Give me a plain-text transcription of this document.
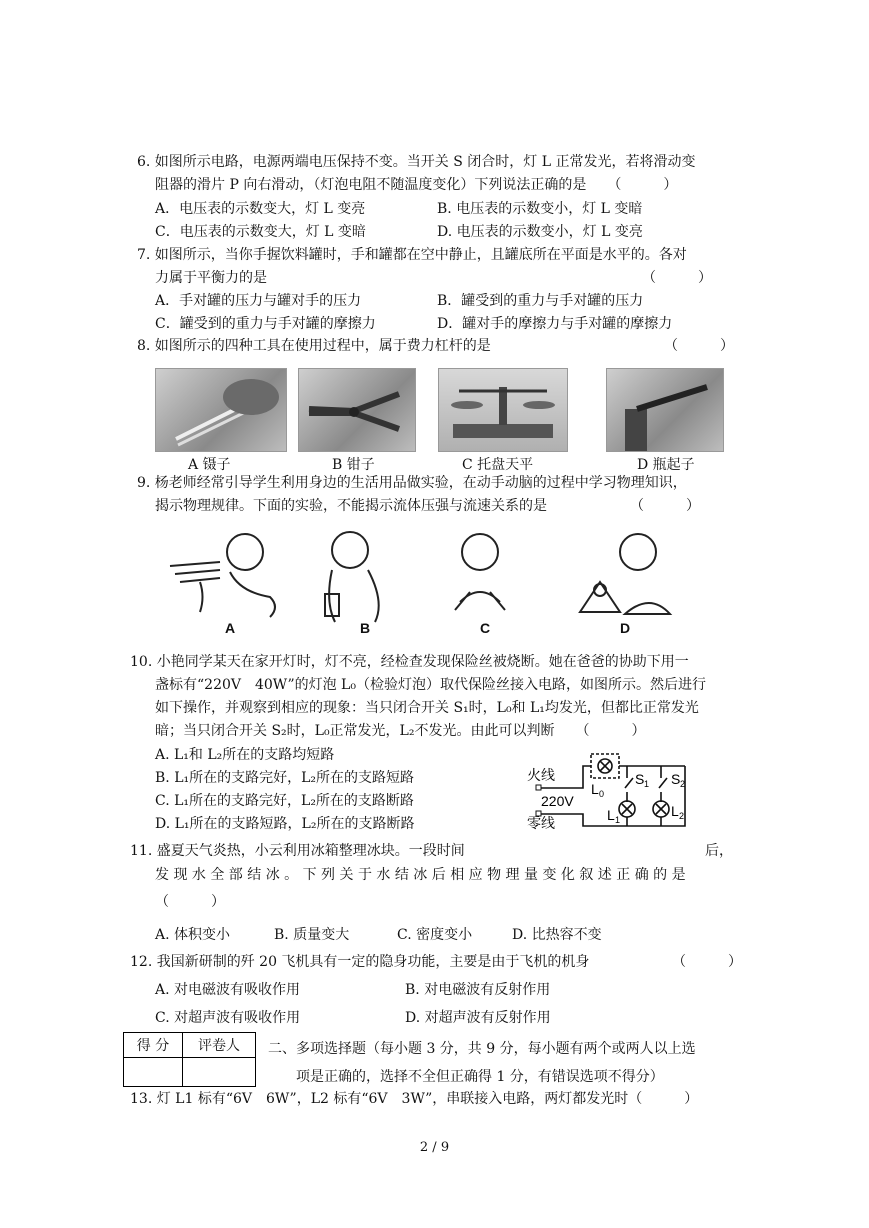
6. 如图所示电路，电源两端电压保持不变。当开关 S 闭合时，灯 L 正常发光，若将滑动变
阻器的滑片 P 向右滑动，（灯泡电阻不随温度变化）下列说法正确的是　　（　　　）
A．电压表的示数变大，灯 L 变亮	B. 电压表的示数变小，灯 L 变暗
C．电压表的示数变大，灯 L 变暗	D. 电压表的示数变小，灯 L 变亮
7. 如图所示，当你手握饮料罐时，手和罐都在空中静止，且罐底所在平面是水平的。各对
力属于平衡力的是	（　　　）
A．手对罐的压力与罐对手的压力	B．罐受到的重力与手对罐的压力
C．罐受到的重力与手对罐的摩擦力	D．罐对手的摩擦力与手对罐的摩擦力
8. 如图所示的四种工具在使用过程中，属于费力杠杆的是	（　　　）
A 镊子	B 钳子	C 托盘天平	D 瓶起子
9. 杨老师经常引导学生利用身边的生活用品做实验，在动手动脑的过程中学习物理知识，
揭示物理规律。下面的实验，不能揭示流体压强与流速关系的是	（　　　）
A	B	C	D
10. 小艳同学某天在家开灯时，灯不亮，经检查发现保险丝被烧断。她在爸爸的协助下用一
盏标有“220V　40W”的灯泡 L₀（检验灯泡）取代保险丝接入电路，如图所示。然后进行
如下操作，并观察到相应的现象：当只闭合开关 S₁时，L₀和 L₁均发光，但都比正常发光
暗；当只闭合开关 S₂时，L₀正常发光，L₂不发光。由此可以判断　　（　　　）
A. L₁和 L₂所在的支路均短路
B. L₁所在的支路完好，L₂所在的支路短路
C. L₁所在的支路完好，L₂所在的支路断路
D. L₁所在的支路短路，L₂所在的支路断路
火线
零线
220V
L 0
S 1 S 2
L 1
L 2
11. 盛夏天气炎热，小云利用冰箱整理冰块。一段时间	后，
发 现 水 全 部 结 冰 。 下 列 关 于 水 结 冰 后 相 应 物 理 量 变 化 叙 述 正 确 的 是
（　　　）
A. 体积变小	B. 质量变大	C. 密度变小	D. 比热容不变
12. 我国新研制的歼 20 飞机具有一定的隐身功能，主要是由于飞机的机身	（　　　）
A. 对电磁波有吸收作用	B. 对电磁波有反射作用
C. 对超声波有吸收作用	D. 对超声波有反射作用
得 分	评卷人
	二、多项选择题（每小题 3 分，共 9 分，每小题有两个或两人以上选
项是正确的，选择不全但正确得 1 分，有错误选项不得分）
13. 灯 L1 标有“6V　6W”，L2 标有“6V　3W”，串联接入电路，两灯都发光时（　　　）
2 / 9
